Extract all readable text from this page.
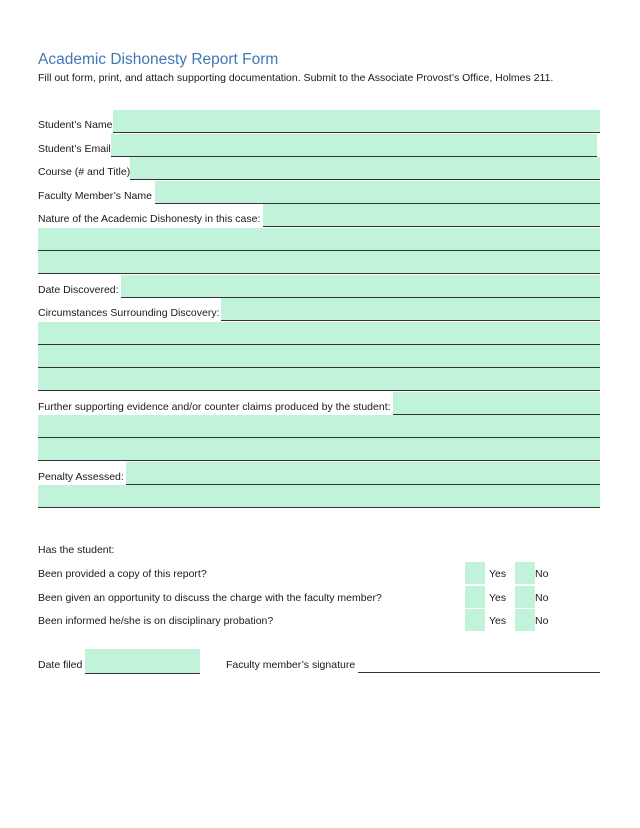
Academic Dishonesty Report Form
Fill out form, print, and attach supporting documentation. Submit to the Associate Provost’s Office, Holmes 211.
Student’s Name
Student’s Email
Course (# and Title)
Faculty Member’s Name
Nature of the Academic Dishonesty in this case:
Date Discovered:
Circumstances Surrounding Discovery:
Further supporting evidence and/or counter claims produced by the student:
Penalty Assessed:
Has the student:
Been provided a copy of this report?	Yes	No
Been given an opportunity to discuss the charge with the faculty member?	Yes	No
Been informed he/she is on disciplinary probation?	Yes	No
Date filed	Faculty member’s signature
